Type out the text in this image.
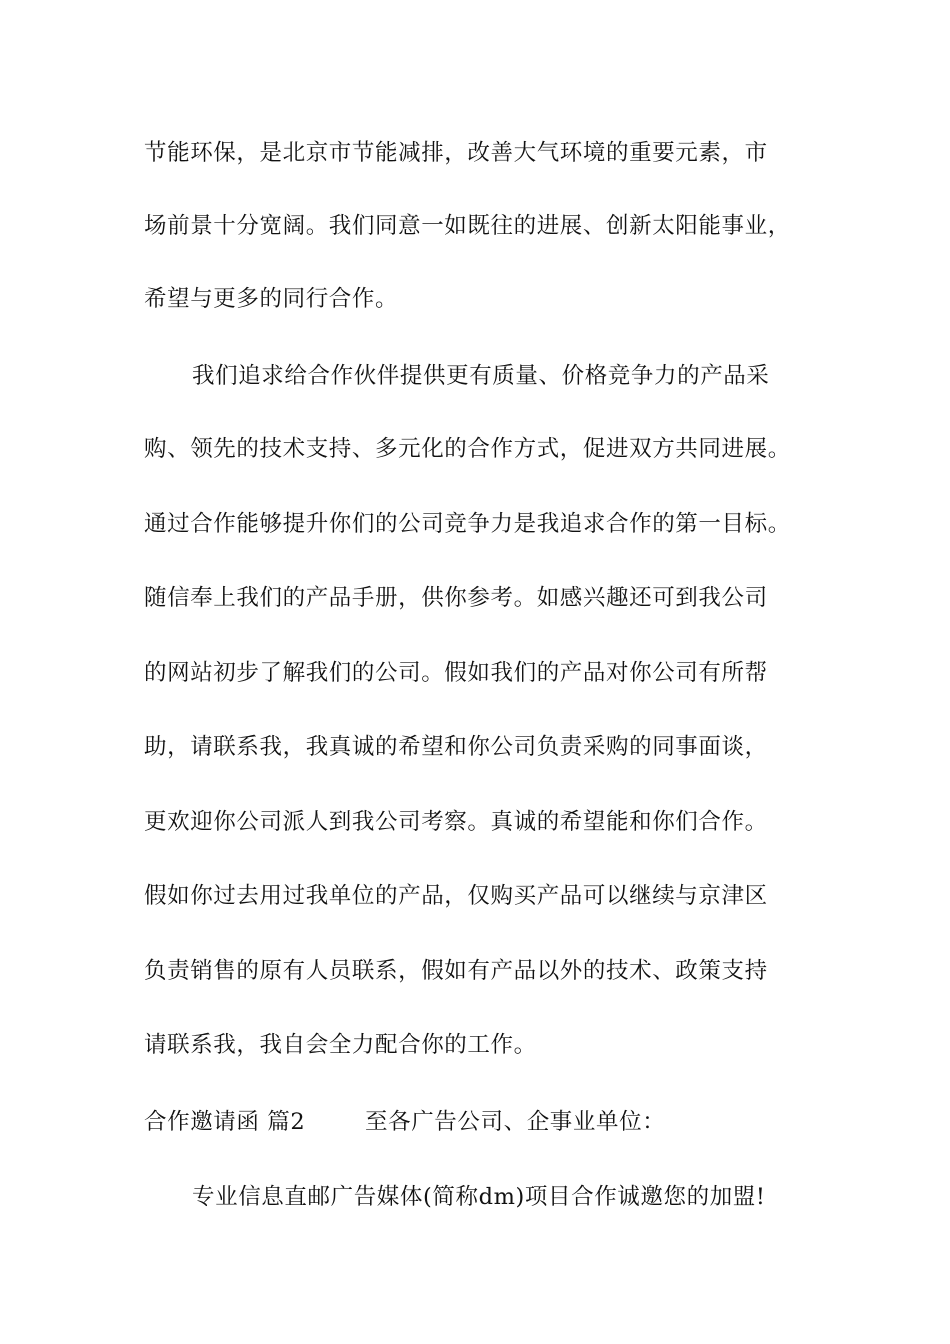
节能环保，是北京市节能减排，改善大气环境的重要元素，市
场前景十分宽阔。我们同意一如既往的进展、创新太阳能事业，
希望与更多的同行合作。
我们追求给合作伙伴提供更有质量、价格竞争力的产品采
购、领先的技术支持、多元化的合作方式，促进双方共同进展。
通过合作能够提升你们的公司竞争力是我追求合作的第一目标。
随信奉上我们的产品手册，供你参考。如感兴趣还可到我公司
的网站初步了解我们的公司。假如我们的产品对你公司有所帮
助，请联系我，我真诚的希望和你公司负责采购的同事面谈，
更欢迎你公司派人到我公司考察。真诚的希望能和你们合作。
假如你过去用过我单位的产品，仅购买产品可以继续与京津区
负责销售的原有人员联系，假如有产品以外的技术、政策支持
请联系我，我自会全力配合你的工作。
合作邀请函 篇2	至各广告公司、企事业单位：
专业信息直邮广告媒体(简称dm)项目合作诚邀您的加盟!
